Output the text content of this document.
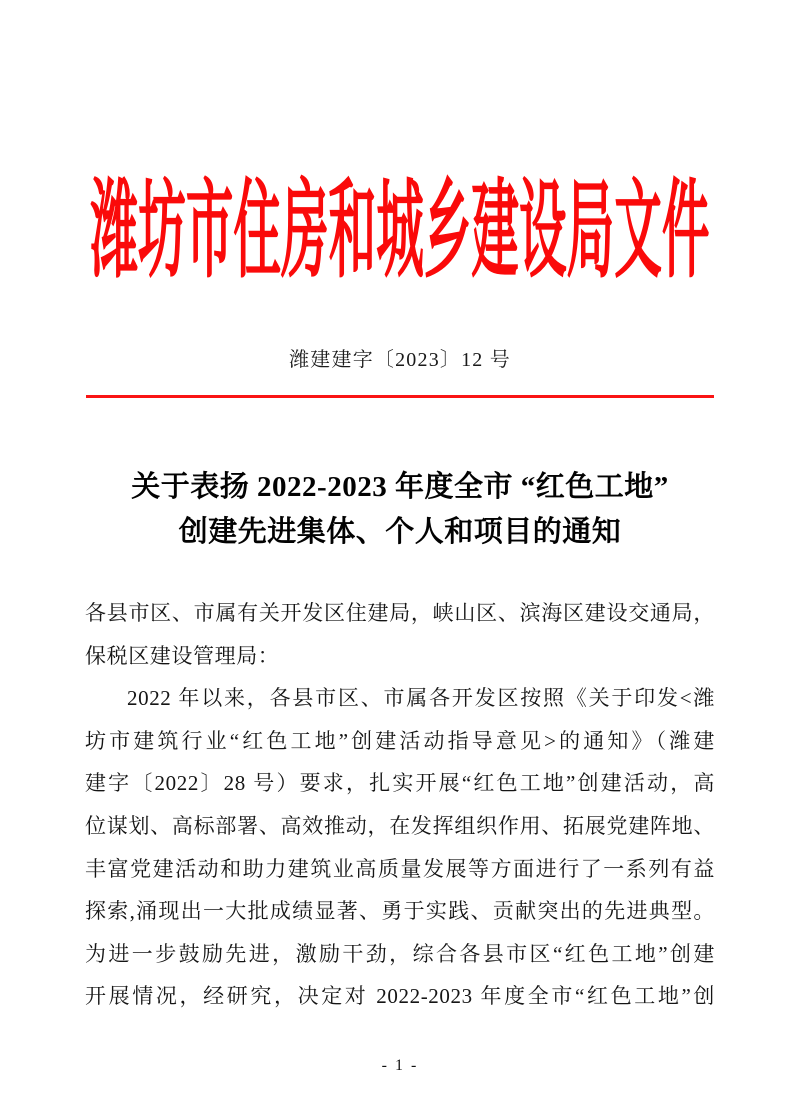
潍坊市住房和城乡建设局文件
潍建建字〔2023〕12 号
关于表扬 2022-2023 年度全市 “红色工地”
创建先进集体、个人和项目的通知
各县市区、市属有关开发区住建局，峡山区、滨海区建设交通局，
保税区建设管理局：
2022 年以来，各县市区、市属各开发区按照《关于印发<潍
坊市建筑行业“红色工地”创建活动指导意见>的通知》（潍建
建字〔2022〕28 号）要求，扎实开展“红色工地”创建活动，高
位谋划、高标部署、高效推动，在发挥组织作用、拓展党建阵地、
丰富党建活动和助力建筑业高质量发展等方面进行了一系列有益
探索,涌现出一大批成绩显著、勇于实践、贡献突出的先进典型。
为进一步鼓励先进，激励干劲，综合各县市区“红色工地”创建
开展情况，经研究，决定对 2022-2023 年度全市“红色工地”创
- 1 -
